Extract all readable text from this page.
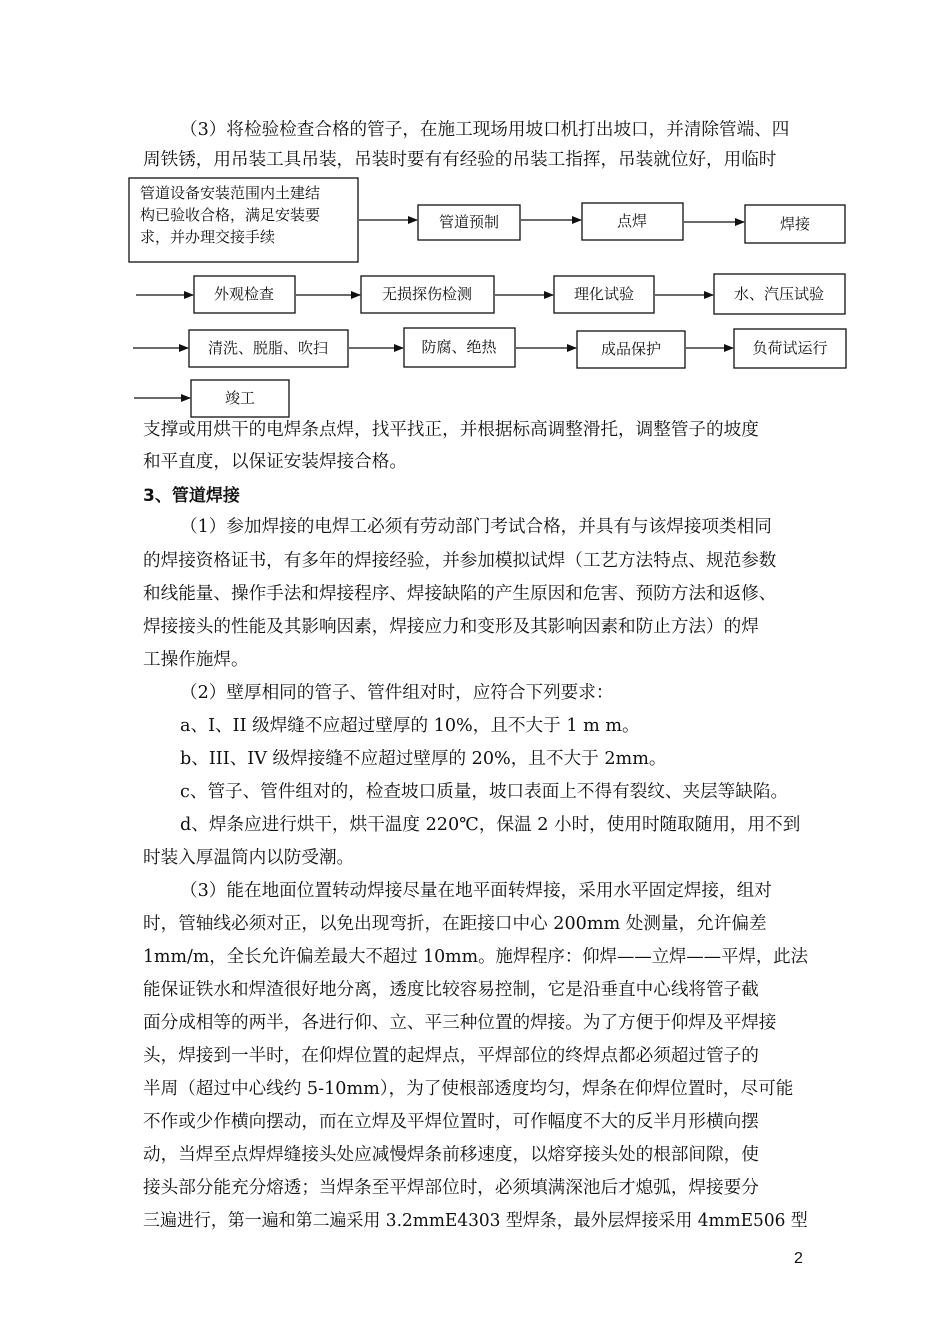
（3）将检验检查合格的管子，在施工现场用坡口机打出坡口，并清除管端、四
周铁锈，用吊装工具吊装，吊装时要有有经验的吊装工指挥，吊装就位好，用临时
管道设备安装范围内土建结
构已验收合格，满足安装要
求，并办理交接手续
管道预制	点焊	焊接
外观检查	无损探伤检测	理化试验	水、汽压试验
清洗、脱脂、吹扫	防腐、绝热	成品保护	负荷试运行
竣工
支撑或用烘干的电焊条点焊，找平找正，并根据标高调整滑托，调整管子的坡度
和平直度，以保证安装焊接合格。
3、管道焊接
（1）参加焊接的电焊工必须有劳动部门考试合格，并具有与该焊接项类相同
的焊接资格证书，有多年的焊接经验，并参加模拟试焊（工艺方法特点、规范参数
和线能量、操作手法和焊接程序、焊接缺陷的产生原因和危害、预防方法和返修、
焊接接头的性能及其影响因素，焊接应力和变形及其影响因素和防止方法）的焊
工操作施焊。
（2）壁厚相同的管子、管件组对时，应符合下列要求：
a、I、II 级焊缝不应超过壁厚的 10%，且不大于 1 m m。
b、III、IV 级焊接缝不应超过壁厚的 20%，且不大于 2mm。
c、管子、管件组对的，检查坡口质量，坡口表面上不得有裂纹、夹层等缺陷。
d、焊条应进行烘干，烘干温度 220℃，保温 2 小时，使用时随取随用，用不到
时装入厚温筒内以防受潮。
（3）能在地面位置转动焊接尽量在地平面转焊接，采用水平固定焊接，组对
时，管轴线必须对正，以免出现弯折，在距接口中心 200mm 处测量，允许偏差
1mm/m，全长允许偏差最大不超过 10mm。施焊程序：仰焊——立焊——平焊，此法
能保证铁水和焊渣很好地分离，透度比较容易控制，它是沿垂直中心线将管子截
面分成相等的两半，各进行仰、立、平三种位置的焊接。为了方便于仰焊及平焊接
头，焊接到一半时，在仰焊位置的起焊点，平焊部位的终焊点都必须超过管子的
半周（超过中心线约 5-10mm），为了使根部透度均匀，焊条在仰焊位置时，尽可能
不作或少作横向摆动，而在立焊及平焊位置时，可作幅度不大的反半月形横向摆
动，当焊至点焊焊缝接头处应减慢焊条前移速度，以熔穿接头处的根部间隙，使
接头部分能充分熔透；当焊条至平焊部位时，必须填满深池后才熄弧，焊接要分
三遍进行，第一遍和第二遍采用 3.2mmE4303 型焊条，最外层焊接采用 4mmE506 型
2
